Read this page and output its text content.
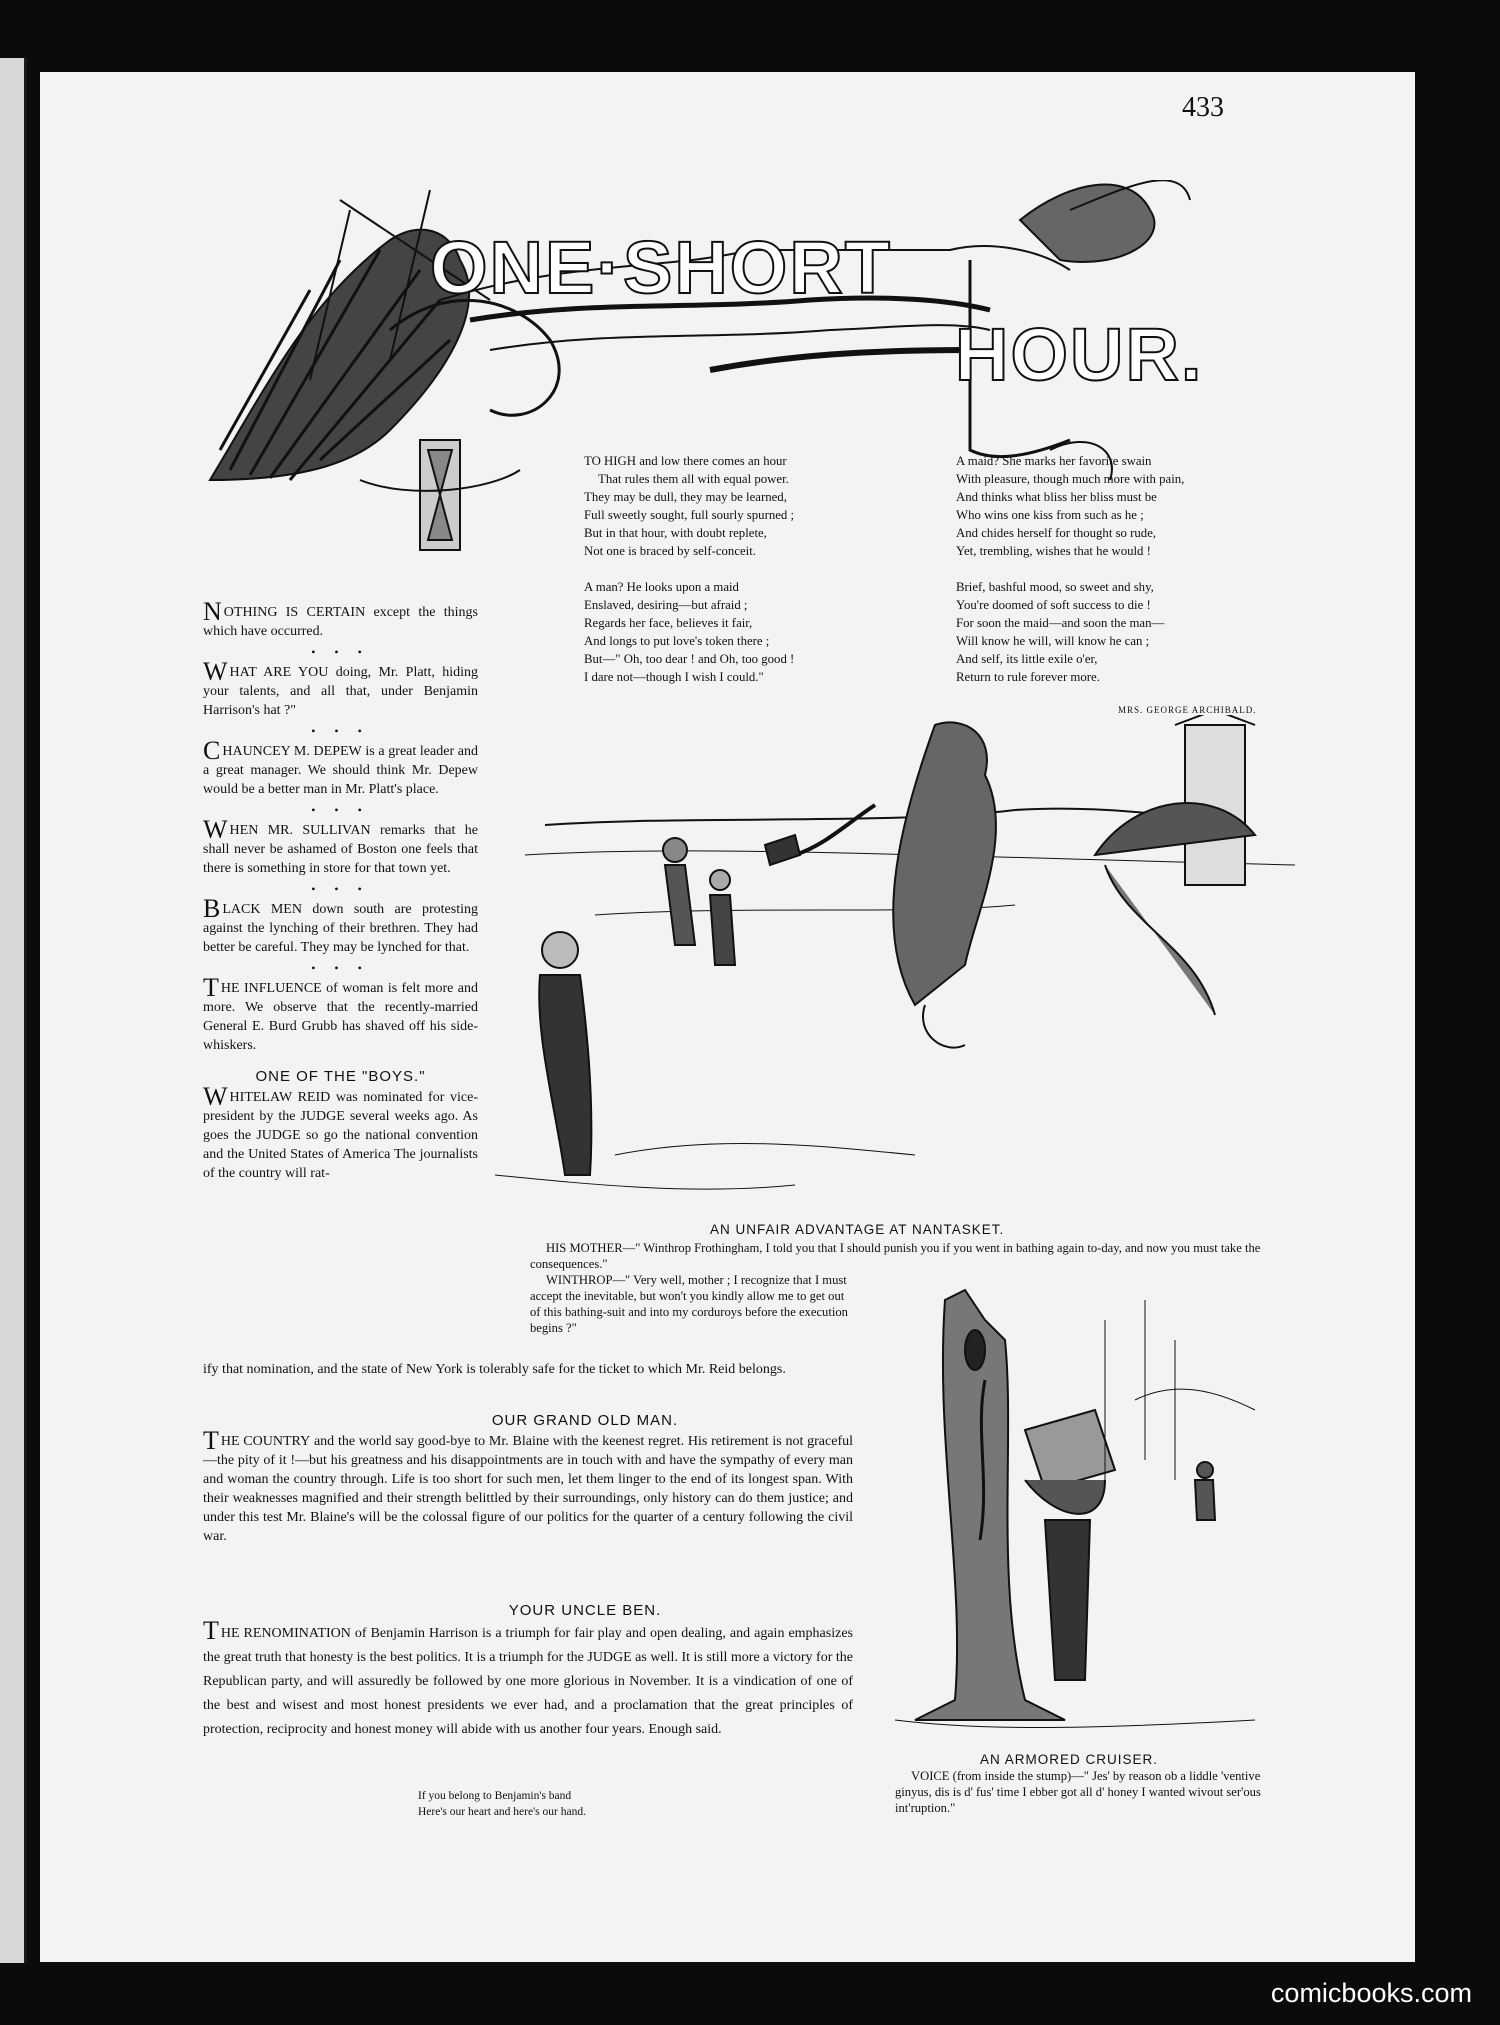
433
ONE·SHORT
HOUR.
TO HIGH and low there comes an hour
That rules them all with equal power.
They may be dull, they may be learned,
Full sweetly sought, full sourly spurned ;
But in that hour, with doubt replete,
Not one is braced by self-conceit.
A man? He looks upon a maid
Enslaved, desiring—but afraid ;
Regards her face, believes it fair,
And longs to put love's token there ;
But—" Oh, too dear ! and Oh, too good !
I dare not—though I wish I could."
A maid? She marks her favorite swain
With pleasure, though much more with pain,
And thinks what bliss her bliss must be
Who wins one kiss from such as he ;
And chides herself for thought so rude,
Yet, trembling, wishes that he would !
Brief, bashful mood, so sweet and shy,
You're doomed of soft success to die !
For soon the maid—and soon the man—
Will know he will, will know he can ;
And self, its little exile o'er,
Return to rule forever more.
MRS. GEORGE ARCHIBALD.

NOTHING IS CERTAIN except the things which have occurred.

• • •

WHAT ARE YOU doing, Mr. Platt, hiding your talents, and all that, under Benjamin Harrison's hat ?"

• • •

CHAUNCEY M. DEPEW is a great leader and a great manager. We should think Mr. Depew would be a better man in Mr. Platt's place.

• • •

WHEN MR. SULLIVAN remarks that he shall never be ashamed of Boston one feels that there is something in store for that town yet.

• • •

BLACK MEN down south are protesting against the lynching of their brethren. They had better be careful. They may be lynched for that.

• • •

THE INFLUENCE of woman is felt more and more. We observe that the recently-married General E. Burd Grubb has shaved off his side-whiskers.

ONE OF THE "BOYS."

WHITELAW REID was nominated for vice-president by the JUDGE several weeks ago. As goes the JUDGE so go the national convention and the United States of America The journalists of the country will rat-

ify that nomination, and the state of New York is tolerably safe for the ticket to which Mr. Reid belongs.
AN UNFAIR ADVANTAGE AT NANTASKET.
HIS MOTHER—" Winthrop Frothingham, I told you that I should punish you if you went in bathing again to-day, and now you must take the consequences."
WINTHROP—" Very well, mother ; I recognize that I must accept the inevitable, but won't you kindly allow me to get out of this bathing-suit and into my corduroys before the execution begins ?"
AN ARMORED CRUISER.
VOICE (from inside the stump)—" Jes' by reason ob a liddle 'ventive ginyus, dis is d' fus' time I ebber got all d' honey I wanted wivout ser'ous int'ruption."
OUR GRAND OLD MAN.
THE COUNTRY and the world say good-bye to Mr. Blaine with the keenest regret. His retirement is not graceful—the pity of it !—but his greatness and his disappointments are in touch with and have the sympathy of every man and woman the country through. Life is too short for such men, let them linger to the end of its longest span. With their weaknesses magnified and their strength belittled by their surroundings, only history can do them justice; and under this test Mr. Blaine's will be the colossal figure of our politics for the quarter of a century following the civil war.
YOUR UNCLE BEN.
THE RENOMINATION of Benjamin Harrison is a triumph for fair play and open dealing, and again emphasizes the great truth that honesty is the best politics. It is a triumph for the JUDGE as well. It is still more a victory for the Republican party, and will assuredly be followed by one more glorious in November. It is a vindication of one of the best and wisest and most honest presidents we ever had, and a proclamation that the great principles of protection, reciprocity and honest money will abide with us another four years. Enough said.
If you belong to Benjamin's band
Here's our heart and here's our hand.
comicbooks.com
